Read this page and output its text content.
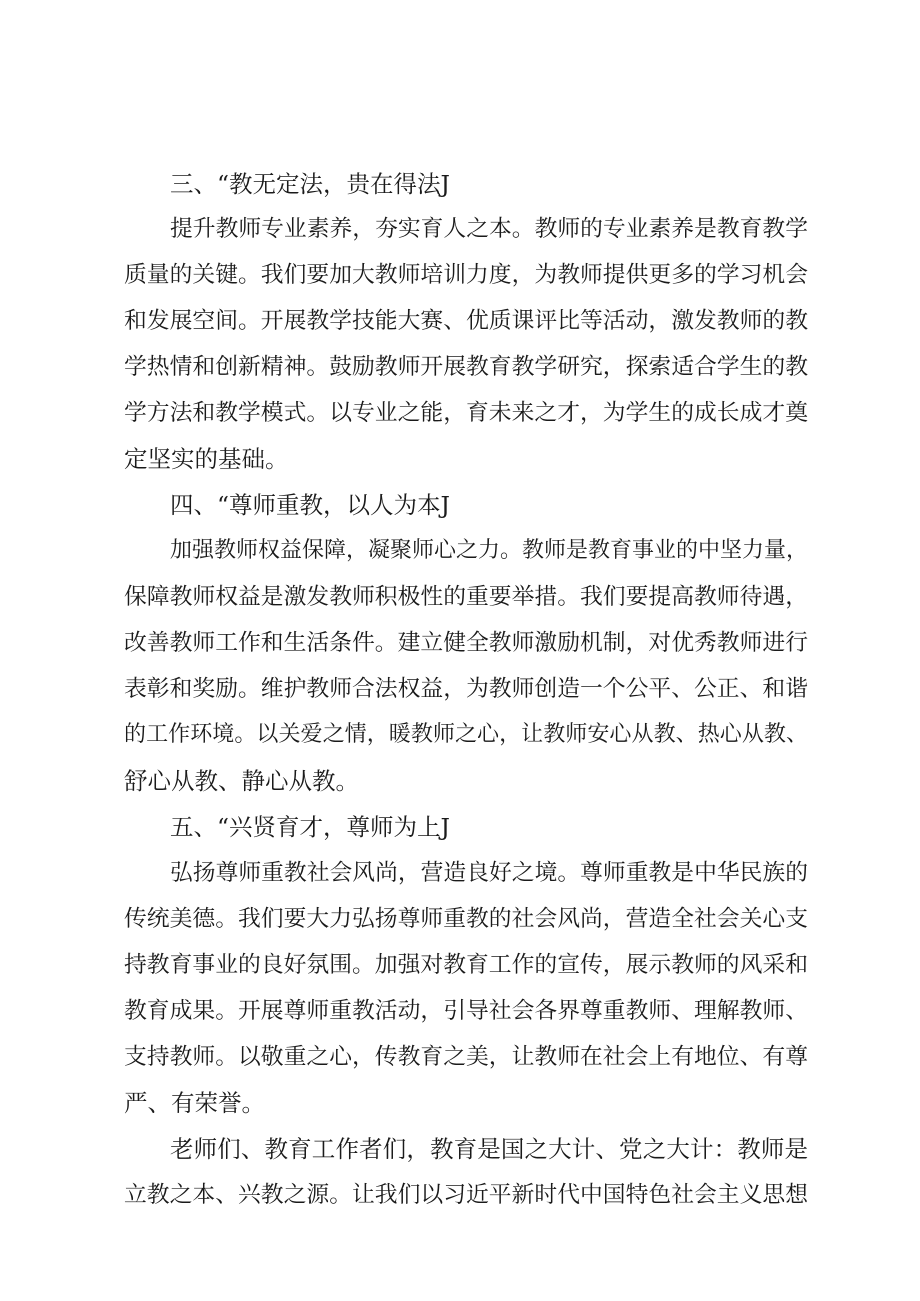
三、“教无定法，贵在得法J
提升教师专业素养，夯实育人之本。教师的专业素养是教育教学
质量的关键。我们要加大教师培训力度，为教师提供更多的学习机会
和发展空间。开展教学技能大赛、优质课评比等活动，激发教师的教
学热情和创新精神。鼓励教师开展教育教学研究，探索适合学生的教
学方法和教学模式。以专业之能，育未来之才，为学生的成长成才奠
定坚实的基础。
四、“尊师重教，以人为本J
加强教师权益保障，凝聚师心之力。教师是教育事业的中坚力量，
保障教师权益是激发教师积极性的重要举措。我们要提高教师待遇，
改善教师工作和生活条件。建立健全教师激励机制，对优秀教师进行
表彰和奖励。维护教师合法权益，为教师创造一个公平、公正、和谐
的工作环境。以关爱之情，暖教师之心，让教师安心从教、热心从教、
舒心从教、静心从教。
五、“兴贤育才，尊师为上J
弘扬尊师重教社会风尚，营造良好之境。尊师重教是中华民族的
传统美德。我们要大力弘扬尊师重教的社会风尚，营造全社会关心支
持教育事业的良好氛围。加强对教育工作的宣传，展示教师的风采和
教育成果。开展尊师重教活动，引导社会各界尊重教师、理解教师、
支持教师。以敬重之心，传教育之美，让教师在社会上有地位、有尊
严、有荣誉。
老师们、教育工作者们，教育是国之大计、党之大计：教师是
立教之本、兴教之源。让我们以习近平新时代中国特色社会主义思想
